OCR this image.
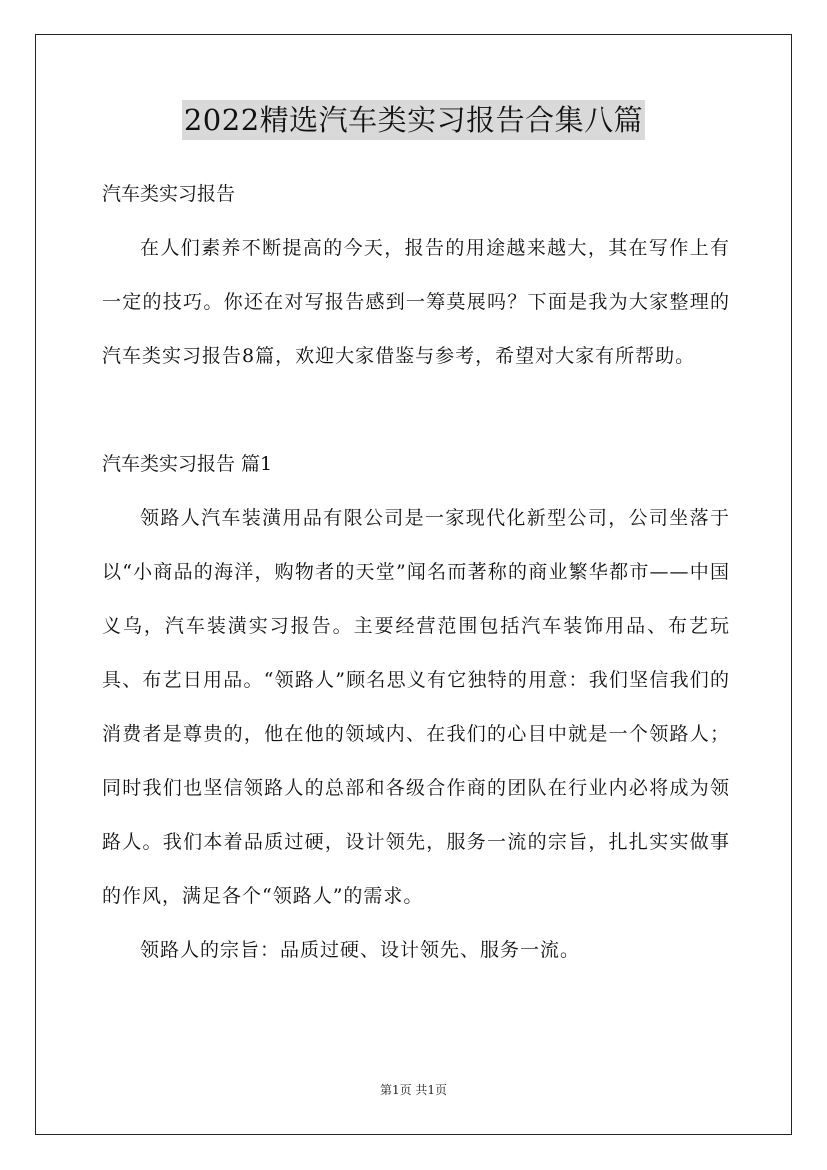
2022精选汽车类实习报告合集八篇

汽车类实习报告

在人们素养不断提高的今天，报告的用途越来越大，其在写作上有一定的技巧。你还在对写报告感到一筹莫展吗？下面是我为大家整理的汽车类实习报告8篇，欢迎大家借鉴与参考，希望对大家有所帮助。

汽车类实习报告 篇1

领路人汽车装潢用品有限公司是一家现代化新型公司，公司坐落于以“小商品的海洋，购物者的天堂”闻名而著称的商业繁华都市——中国义乌，汽车装潢实习报告。主要经营范围包括汽车装饰用品、布艺玩具、布艺日用品。“领路人”顾名思义有它独特的用意：我们坚信我们的消费者是尊贵的，他在他的领域内、在我们的心目中就是一个领路人；同时我们也坚信领路人的总部和各级合作商的团队在行业内必将成为领路人。我们本着品质过硬，设计领先，服务一流的宗旨，扎扎实实做事的作风，满足各个“领路人”的需求。

领路人的宗旨：品质过硬、设计领先、服务一流。

第1页 共1页
